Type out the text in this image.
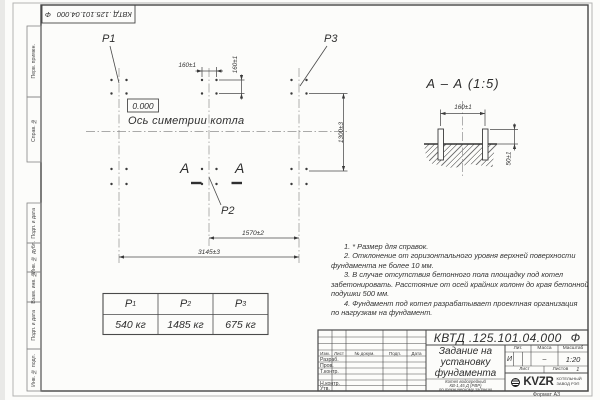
КВТД .125.101.04.000
Ф
Перв. примен.
Справ. №
Подп. и дата
Инв. № дубл.
Взам. инв. №
Подп. и дата
Инв. № подл.
P1	P3
P2
0.000
Ось симетрии котла
А	А
160±1	160±1
1300±3
1570±2
3145±3
А – А (1:5)
160±1
50±1
1. * Размер для справок.
2. Отклонение от горизонтального уровня верхней поверхности
фундамента не более 10 мм.
3. В случае отсутствия бетонного пола площадку под котел
забетонировать. Расстояние от осей крайних колонн до края бетонной
подушки 500 мм.
4. Фундамент под котел разрабатывает проектная организация
по нагрузкам на фундамент.
P 1	P 2	P 3
540 кг	1485 кг	675 кг
КВТД .125.101.04.000 Ф
Задание на установку фундамента
Котел водогрейный
КВ-1,45 Д (РВР)
по техническому заданию
Изм. Лист	№ докум.	Подп.	Дата
Разраб.
Пров.
Т.контр.
Н.контр.
Утв.
Лит.	Масса	Масштаб
И	–	1:20
Лист	Листов 1
KVZR КОТЕЛЬНЫЙ
ЗАВОД РЭП
Формат А3
